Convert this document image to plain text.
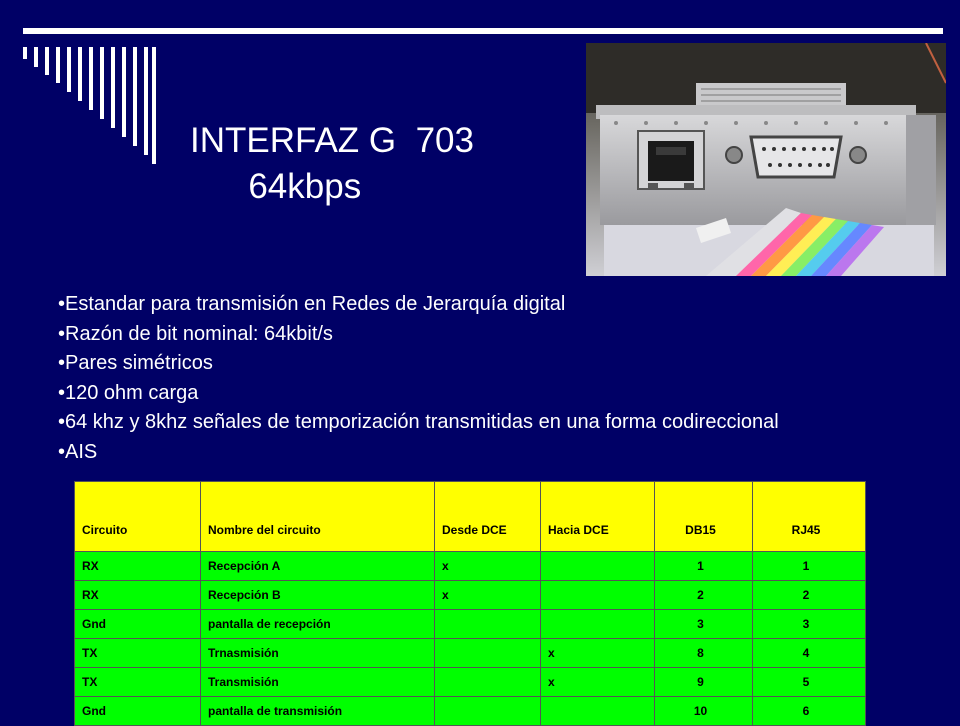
INTERFAZ G  703
64kbps
•Estandar para transmisión en Redes de Jerarquía digital
•Razón de bit nominal: 64kbit/s
•Pares simétricos
•120 ohm carga
•64 khz y 8khz señales de temporización transmitidas en una forma codireccional
•AIS
Circuito	Nombre del circuito	Desde DCE	Hacia DCE	DB15	RJ45
RX	Recepción A	x		1	1
RX	Recepción B	x		2	2
Gnd	pantalla de recepción			3	3
TX	Trnasmisión		x	8	4
TX	Transmisión		x	9	5
Gnd	pantalla de transmisión			10	6
